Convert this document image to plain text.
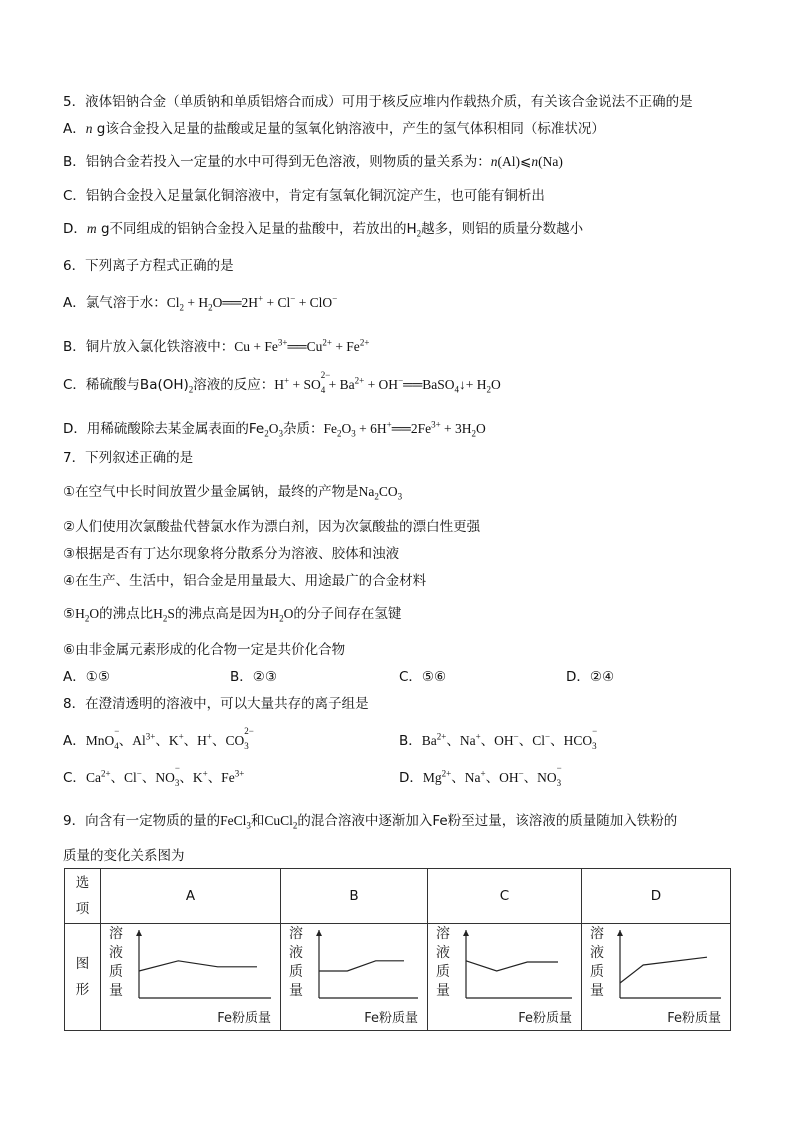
5．液体铝钠合金（单质钠和单质铝熔合而成）可用于核反应堆内作载热介质，有关该合金说法不正确的是
A．n g该合金投入足量的盐酸或足量的氢氧化钠溶液中，产生的氢气体积相同（标准状况）
B．铝钠合金若投入一定量的水中可得到无色溶液，则物质的量关系为：n(Al)⩽n(Na)
C．铝钠合金投入足量氯化铜溶液中，肯定有氢氧化铜沉淀产生，也可能有铜析出
D．m g不同组成的铝钠合金投入足量的盐酸中，若放出的$H_2$越多，则铝的质量分数越小
6．下列离子方程式正确的是
A．氯气溶于水：$Cl_2$ + $H_2O══2H^+ + Cl^- + ClO^-$
B．铜片放入氯化铁溶液中：$Cu + Fe^{3+}══Cu^{2+} + Fe^{2+}$
C．稀硫酸与$Ba(OH)_2$溶液的反应：H+ + SO
$_{2- 4} + Ba^{2+}$ + OH−══BaSO$_4$↓+ $H_2O$
D．用稀硫酸除去某金属表面的$Fe_2O_3$杂质：$Fe_2O_3$ + $6H^+══2Fe^{3+} + 3H_2O$
7．下列叙述正确的是
①在空气中长时间放置少量金属钠，最终的产物是$Na_2CO_3$
②人们使用次氯酸盐代替氯水作为漂白剂，因为次氯酸盐的漂白性更强
③根据是否有丁达尔现象将分散系分为溶液、胶体和浊液
④在生产、生活中，铝合金是用量最大、用途最广的合金材料
$⑤H_2O$的沸点比$H_2S$的沸点高是因为$H_2O$的分子间存在氢键
⑥由非金属元素形成的化合物一定是共价化合物
A．①⑤	B．②③	C．⑤⑥	D．②④
8．在澄清透明的溶液中，可以大量共存的离子组是
A．MnO
$_{- 4}$、$Al^{3+}$、K+、H+、CO
$_{2- 3}$	B．$Ba^{2+}$、Na+、OH−、Cl−、HCO
$_{- 3}$
C．$Ca^{2+}$、Cl−、NO
$_{- 3}$、K+、$Fe^{3+}$	D．$Mg^{2+}$、Na+、OH−、NO
$_{- 3}$
9．向含有一定物质的量的FeCl$_3$和CuCl$_2$的混合溶液中逐渐加入Fe粉至过量，该溶液的质量随加入铁粉的
质量的变化关系图为
选
项	A	B	C	D

图
形	溶
液
质
量
Fe粉质量	溶
液
质
量
Fe粉质量	溶
液
质
量
Fe粉质量	溶
液
质
量
Fe粉质量
